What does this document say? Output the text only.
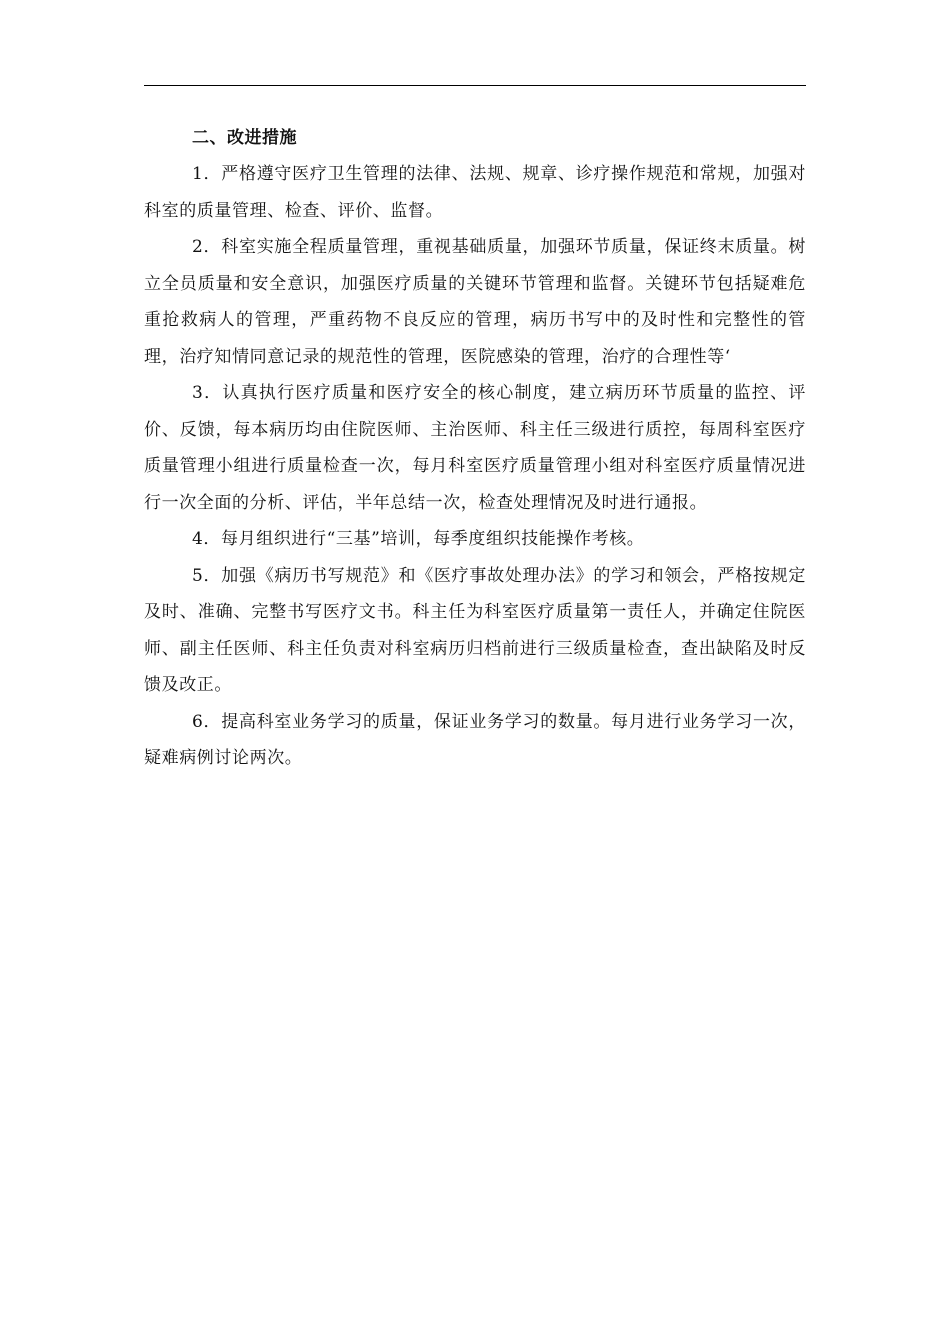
二、改进措施

1．严格遵守医疗卫生管理的法律、法规、规章、诊疗操作规范和常规，加强对科室的质量管理、检查、评价、监督。

2．科室实施全程质量管理，重视基础质量，加强环节质量，保证终末质量。树立全员质量和安全意识，加强医疗质量的关键环节管理和监督。关键环节包括疑难危重抢救病人的管理，严重药物不良反应的管理，病历书写中的及时性和完整性的管理，治疗知情同意记录的规范性的管理，医院感染的管理，治疗的合理性等‘

3．认真执行医疗质量和医疗安全的核心制度，建立病历环节质量的监控、评价、反馈，每本病历均由住院医师、主治医师、科主任三级进行质控，每周科室医疗质量管理小组进行质量检查一次，每月科室医疗质量管理小组对科室医疗质量情况进行一次全面的分析、评估，半年总结一次，检查处理情况及时进行通报。

4．每月组织进行“三基”培训，每季度组织技能操作考核。

5．加强《病历书写规范》和《医疗事故处理办法》的学习和领会，严格按规定及时、准确、完整书写医疗文书。科主任为科室医疗质量第一责任人，并确定住院医师、副主任医师、科主任负责对科室病历归档前进行三级质量检查，查出缺陷及时反馈及改正。

6．提高科室业务学习的质量，保证业务学习的数量。每月进行业务学习一次，疑难病例讨论两次。
